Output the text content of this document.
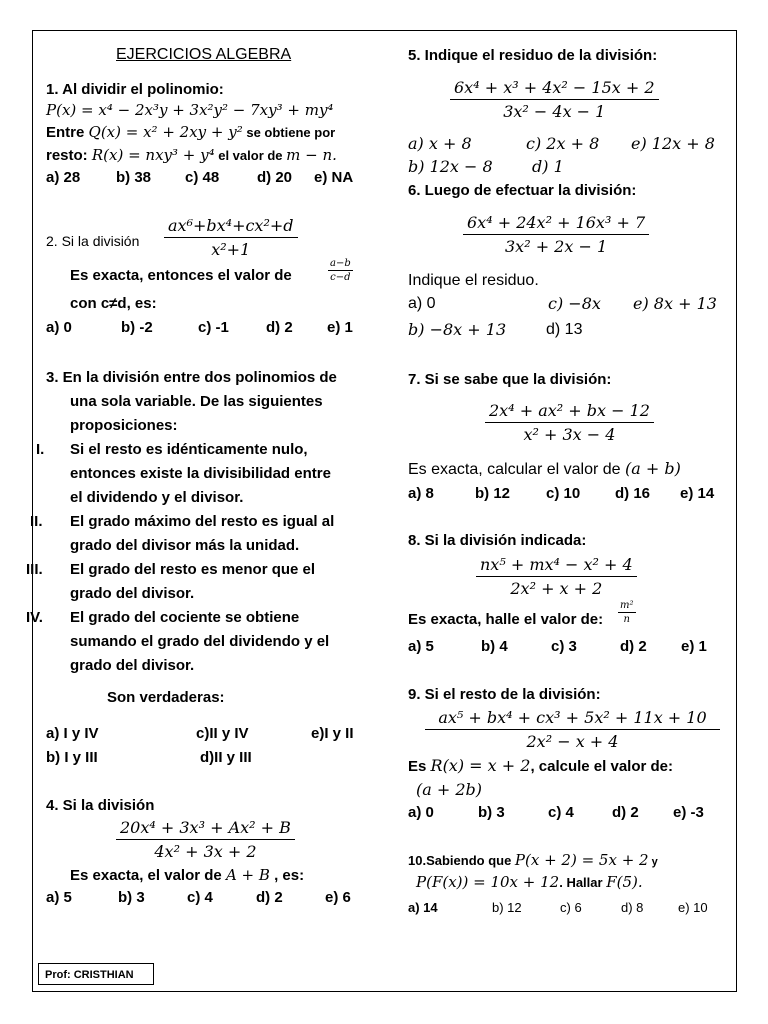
EJERCICIOS ALGEBRA
1. Al dividir el polinomio:
P(x) = x⁴ − 2x³y + 3x²y² − 7xy³ + my⁴
Entre Q(x) = x² + 2xy + y² se obtiene por
resto: R(x) = nxy³ + y⁴ el valor de m − n.
a) 28 b) 38 c) 48	d) 20 e) NA
2. Si la división $\frac{\text{ax⁶+bx⁴+cx²+d}}{\text{x²+1}}$
Es exacta, entonces el valor de	$\frac{a-b}{c-d}$
con c≠d, es:
a) 0	b) -2	c) -1 d) 2 e) 1
3. En la división entre dos polinomios de
una sola variable. De las siguientes
proposiciones:
I. Si el resto es idénticamente nulo,
entonces existe la divisibilidad entre
el dividendo y el divisor.
II. El grado máximo del resto es igual al
grado del divisor más la unidad.
III. El grado del resto es menor que el
grado del divisor.
IV. El grado del cociente se obtiene
sumando el grado del dividendo y el
grado del divisor.
Son verdaderas:
a) I y IV	c)II y IV	e)I y II
b) I y III	d)II y III
4. Si la división
$\frac{\text{20x⁴ + 3x³ + Ax² + B}}{\text{4x² + 3x + 2}}$
Es exacta, el valor de A + B , es:
a) 5	b) 3	c) 4	d) 2	e) 6
5. Indique el residuo de la división:
$\frac{\text{6x⁴ + x³ + 4x² − 15x + 2}}{\text{3x² − 4x − 1}}$
a) x + 8	c) 2x + 8 e) 12x + 8
b) 12x − 8 d) 1
6. Luego de efectuar la división:
$\frac{\text{6x⁴ + 24x² + 16x³ + 7}}{\text{3x² + 2x − 1}}$
Indique el residuo.
a) 0	c) −8x e) 8x + 13
b) −8x + 13 d) 13
7. Si se sabe que la división:
$\frac{\text{2x⁴ + ax² + bx − 12}}{\text{x² + 3x − 4}}$
Es exacta, calcular el valor de (a + b)
a) 8	b) 12 c) 10 d) 16 e) 14
8. Si la división indicada:
$\frac{\text{nx⁵ + mx⁴ − x² + 4}}{\text{2x² + x + 2}}$
Es exacta, halle el valor de: $\frac{\text{m²}}{n}$
a) 5	b) 4	c) 3	d) 2 e) 1
9. Si el resto de la división:
$\frac{\text{ax⁵ + bx⁴ + cx³ + 5x² + 11x + 10}}{\text{2x² − x + 4}}$
Es R(x) = x + 2, calcule el valor de:
(a + 2b)
a) 0	b) 3	c) 4	d) 2 e) -3
10.Sabiendo que P(x + 2) = 5x + 2 y
P(F(x)) = 10x + 12. Hallar F(5).
a) 14	b) 12	c) 6	d) 8	e) 10
Prof: CRISTHIAN
